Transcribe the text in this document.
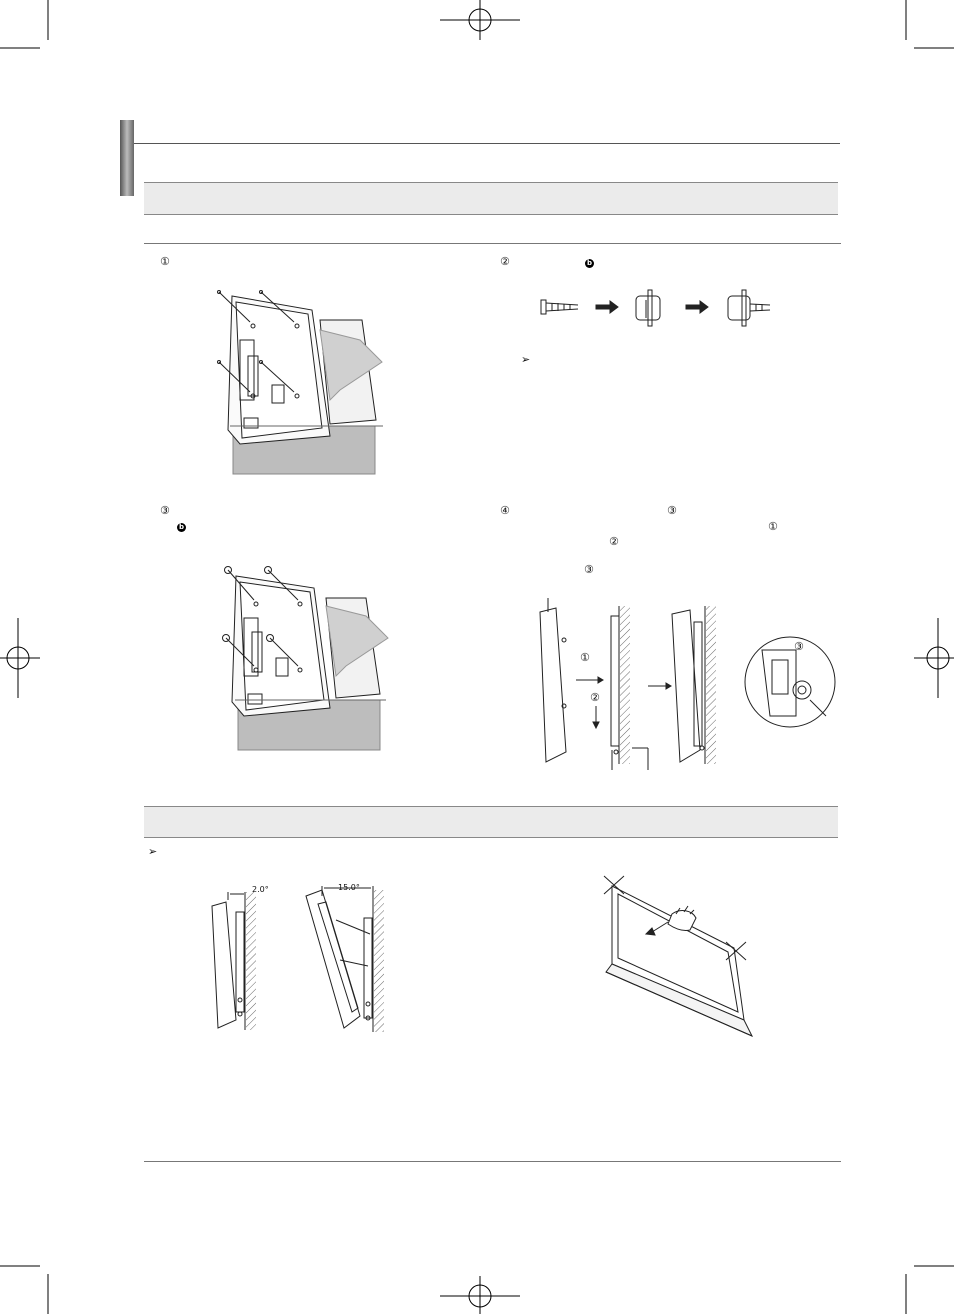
①	②	b
➢
③
b
④	③
①
②
③
①
②
③
➢
2.0°	15.0°
